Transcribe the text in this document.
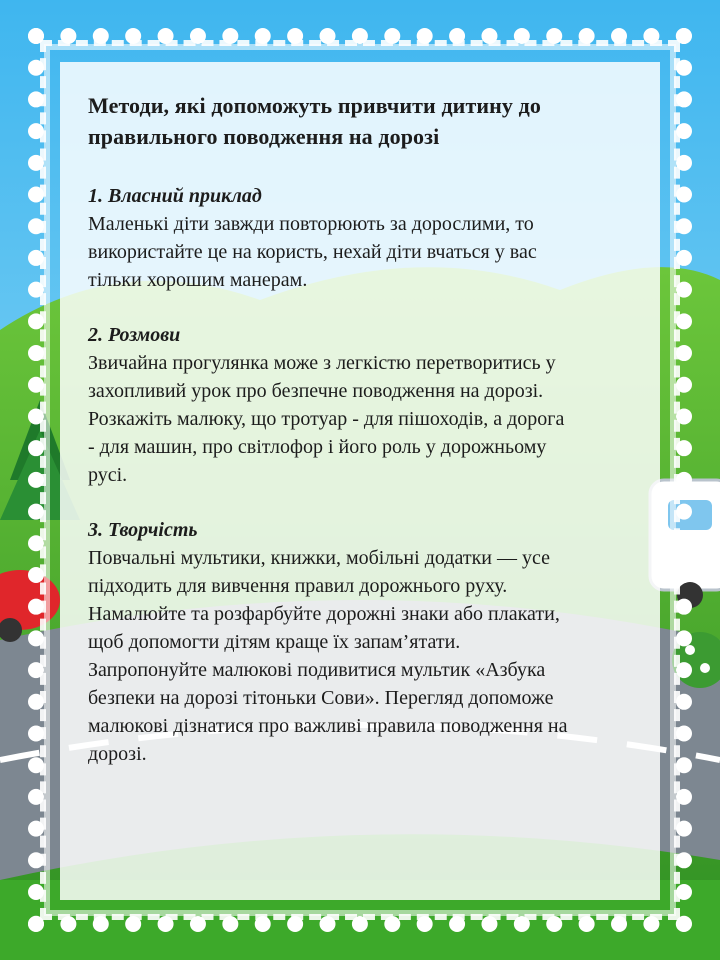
Методи, які допоможуть привчити дитину до
правильного поводження на дорозі

1. Власний приклад

Маленькі діти завжди повторюють за дорослими, то
використайте це на користь, нехай діти вчаться у вас
тільки хорошим манерам.

2. Розмови

Звичайна прогулянка може з легкістю перетворитись у
захопливий урок про безпечне поводження на дорозі.
Розкажіть малюку, що тротуар - для пішоходів, а дорога
- для машин, про світлофор і його роль у дорожньому
русі.

3. Творчість

Повчальні мультики, книжки, мобільні додатки — усе
підходить для вивчення правил дорожнього руху.
Намалюйте та розфарбуйте дорожні знаки або плакати,
щоб допомогти дітям краще їх запам’ятати.
Запропонуйте малюкові подивитися мультик «Азбука
безпеки на дорозі тітоньки Сови». Перегляд допоможе
малюкові дізнатися про важливі правила поводження на
дорозі.
